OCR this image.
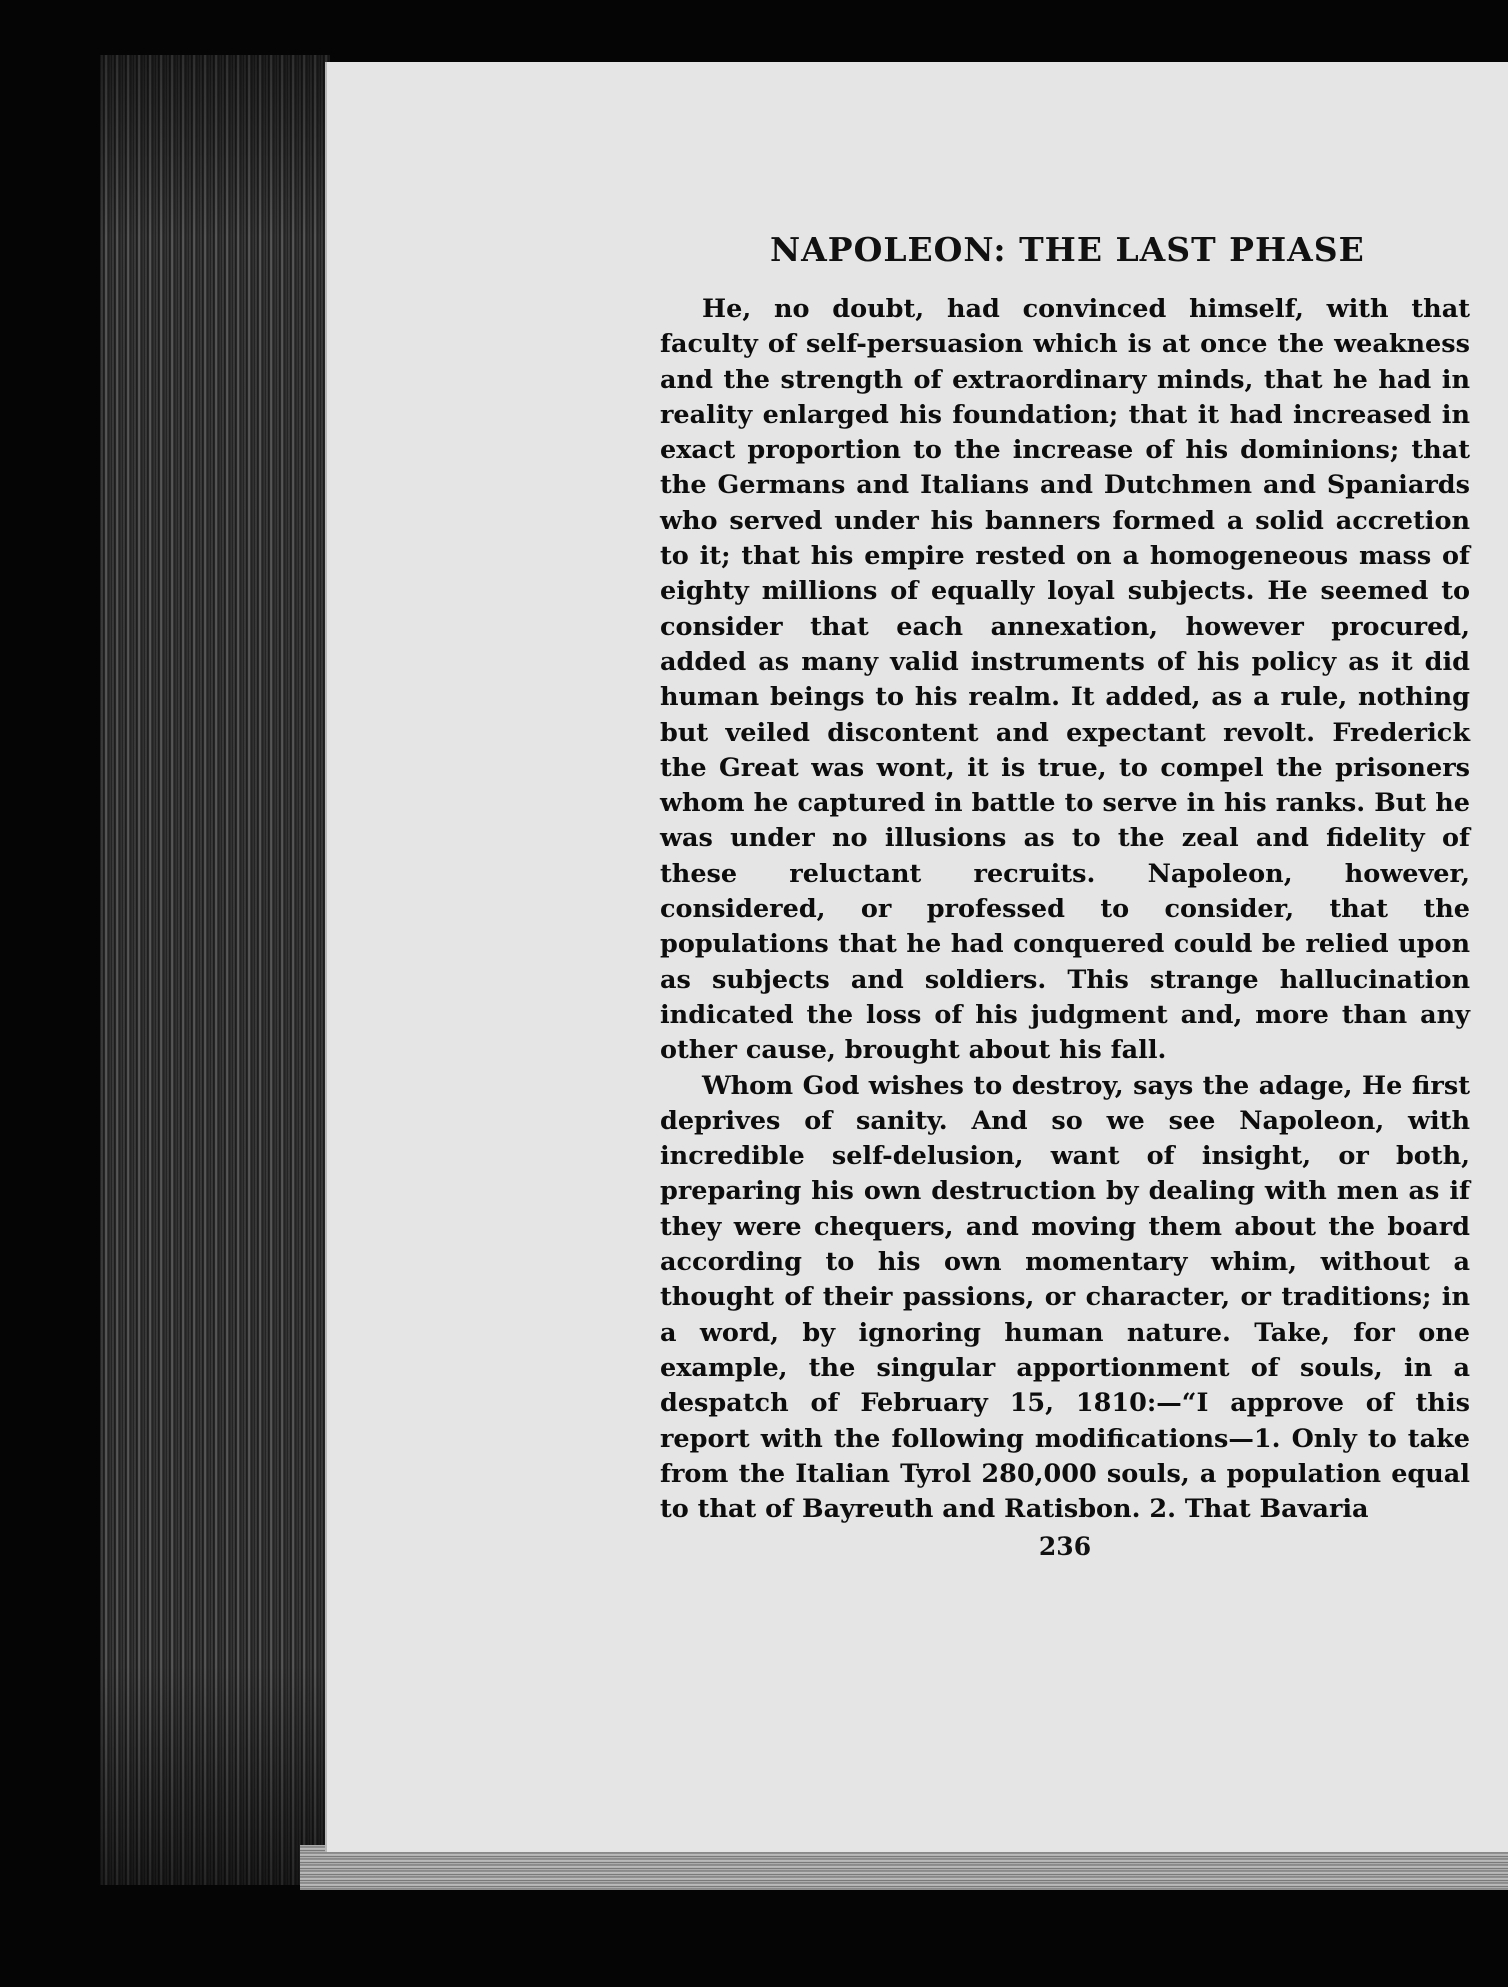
NAPOLEON: THE LAST PHASE

He, no doubt, had convinced himself, with that faculty of self-persuasion which is at once the weakness and the strength of extraordinary minds, that he had in reality enlarged his foundation; that it had increased in exact proportion to the increase of his dominions; that the Germans and Italians and Dutchmen and Spaniards who served under his banners formed a solid accretion to it; that his empire rested on a homogeneous mass of eighty millions of equally loyal subjects. He seemed to consider that each annexation, however procured, added as many valid instruments of his policy as it did human beings to his realm. It added, as a rule, nothing but veiled discontent and expectant revolt. Frederick the Great was wont, it is true, to compel the prisoners whom he captured in battle to serve in his ranks. But he was under no illusions as to the zeal and fidelity of these reluctant recruits. Napoleon, however, considered, or professed to consider, that the populations that he had conquered could be relied upon as subjects and soldiers. This strange hallucination indicated the loss of his judgment and, more than any other cause, brought about his fall.

Whom God wishes to destroy, says the adage, He first deprives of sanity. And so we see Napoleon, with incredible self-delusion, want of insight, or both, preparing his own destruction by dealing with men as if they were chequers, and moving them about the board according to his own momentary whim, without a thought of their passions, or character, or traditions; in a word, by ignoring human nature. Take, for one example, the singular apportionment of souls, in a despatch of February 15, 1810:—“I approve of this report with the following modifications—1. Only to take from the Italian Tyrol 280,000 souls, a population equal to that of Bayreuth and Ratisbon. 2. That Bavaria

236
